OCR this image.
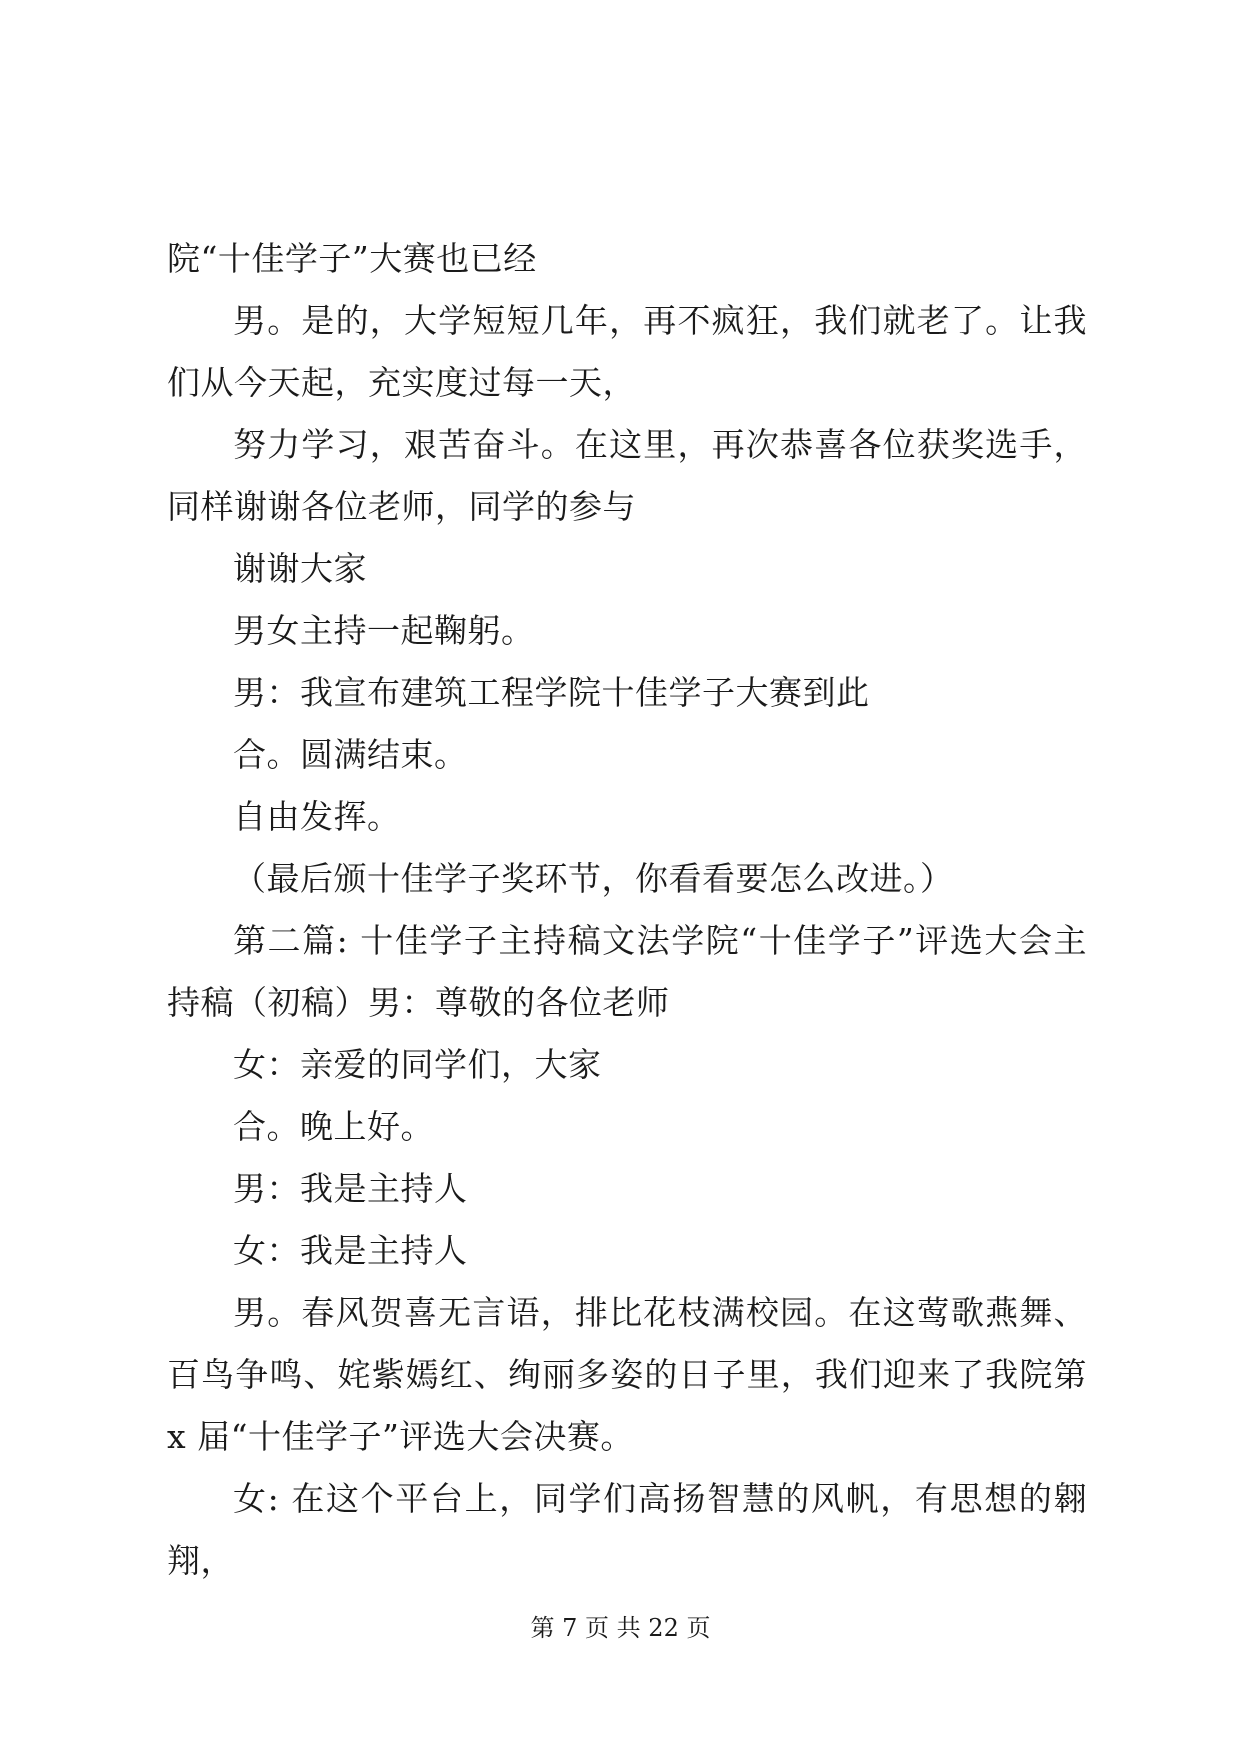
院“十佳学子”大赛也已经

男。是的，大学短短几年，再不疯狂，我们就老了。让我们从今天起，充实度过每一天，

努力学习，艰苦奋斗。在这里，再次恭喜各位获奖选手，同样谢谢各位老师，同学的参与

谢谢大家

男女主持一起鞠躬。

男：我宣布建筑工程学院十佳学子大赛到此

合。圆满结束。

自由发挥。

（最后颁十佳学子奖环节，你看看要怎么改进。）

第二篇: 十佳学子主持稿文法学院“十佳学子”评选大会主持稿（初稿）男：尊敬的各位老师

女：亲爱的同学们，大家

合。晚上好。

男：我是主持人

女：我是主持人

男。春风贺喜无言语，排比花枝满校园。在这莺歌燕舞、百鸟争鸣、姹紫嫣红、绚丽多姿的日子里，我们迎来了我院第 x 届“十佳学子”评选大会决赛。

女: 在这个平台上，同学们高扬智慧的风帆，有思想的翱翔，

第 7 页 共 22 页
